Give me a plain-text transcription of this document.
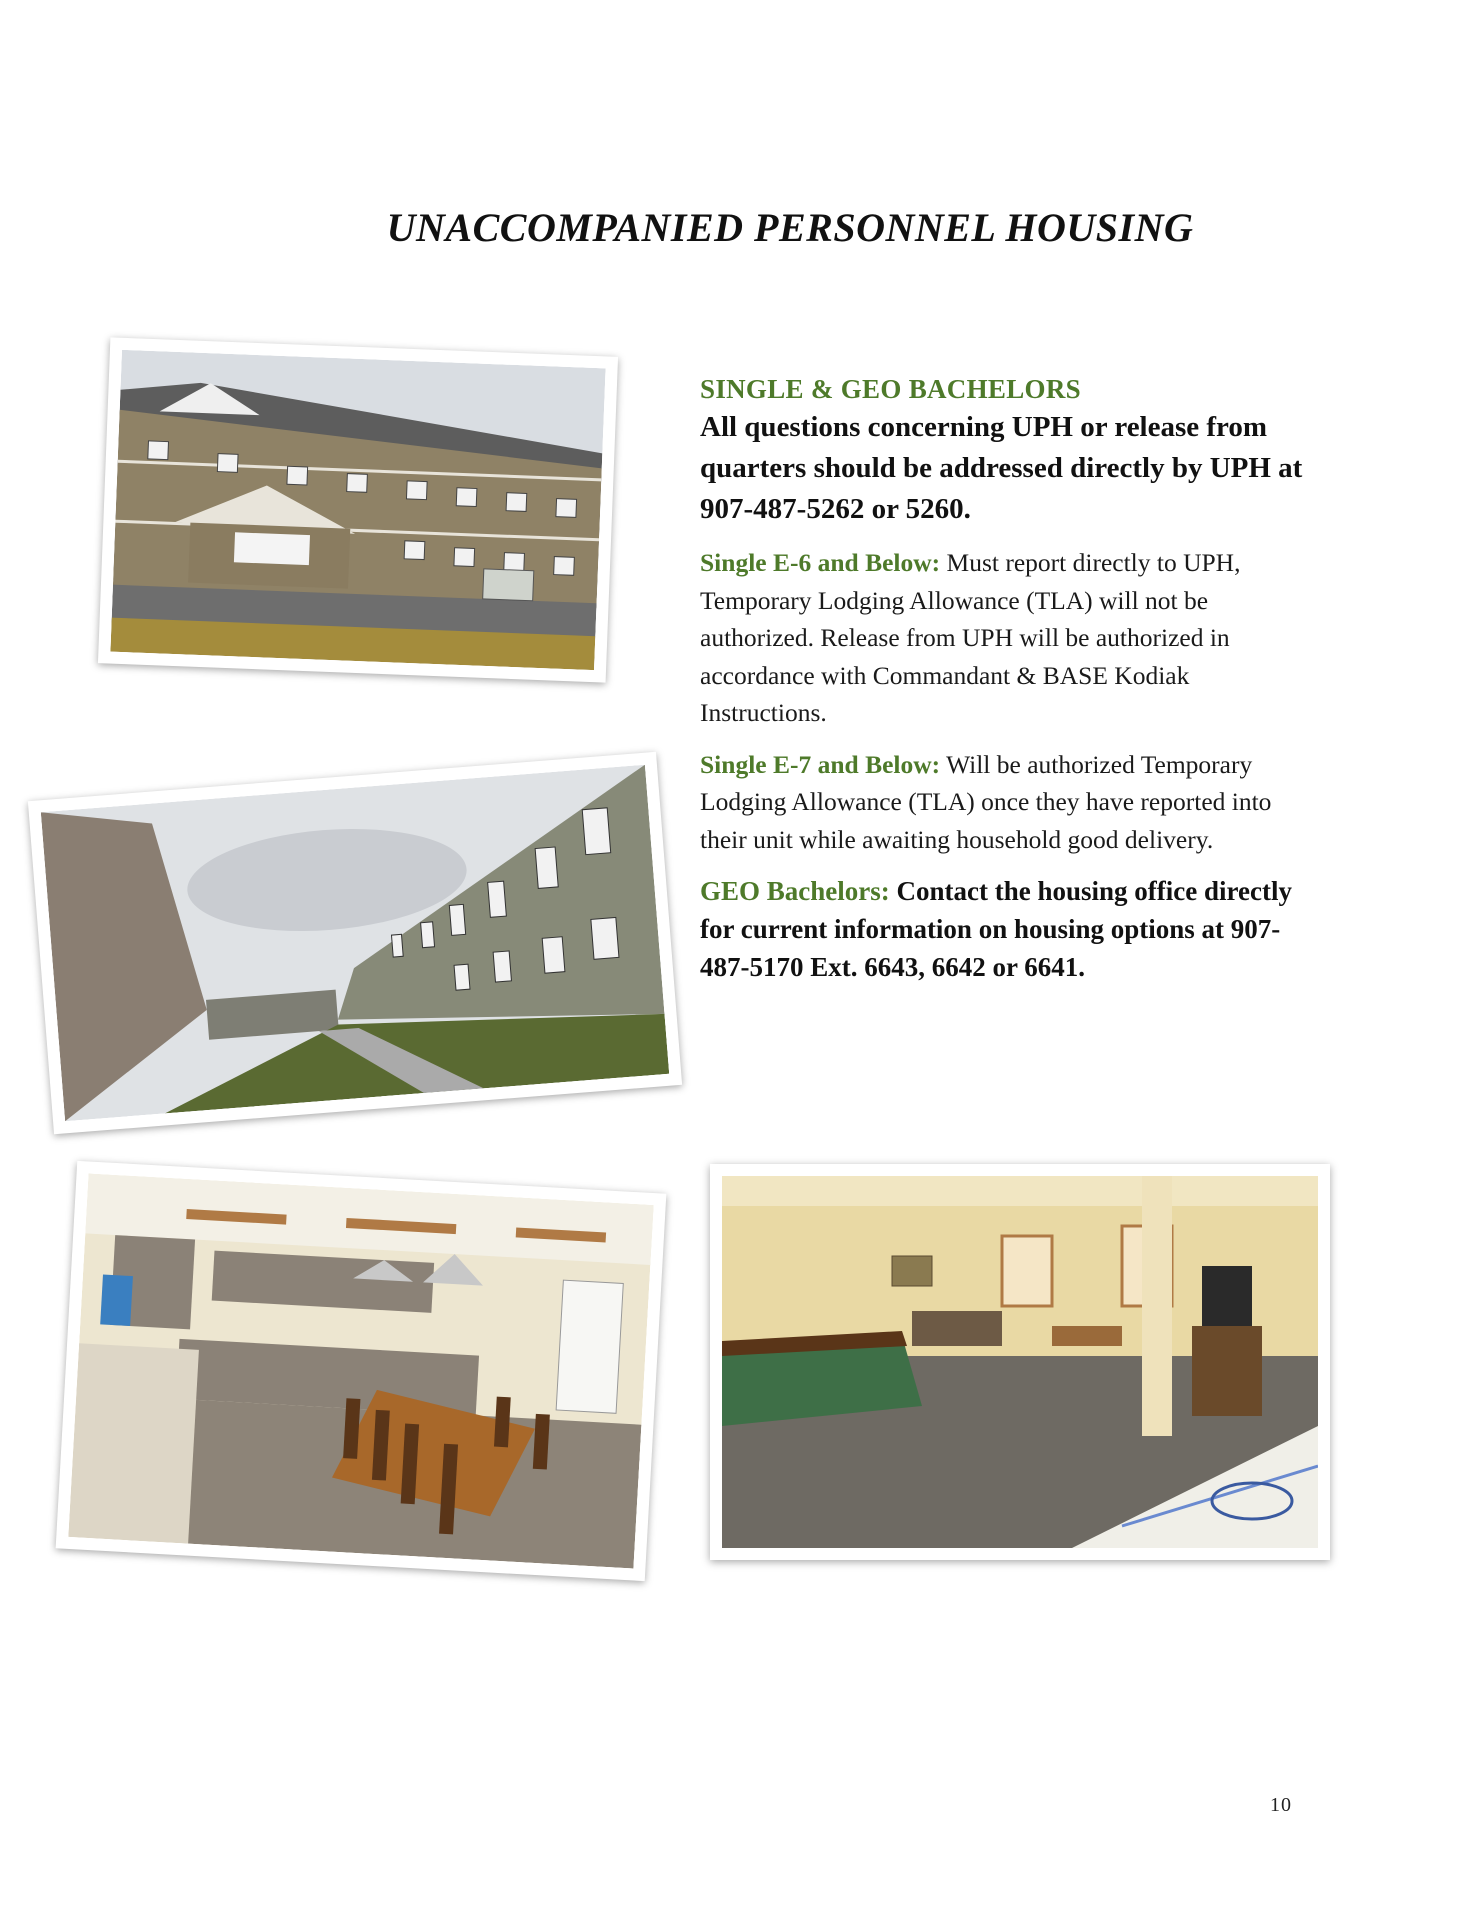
UNACCOMPANIED PERSONNEL HOUSING

SINGLE & GEO BACHELORS

All questions concerning UPH or release from quarters should be addressed directly by UPH at 907-487-5262 or 5260.

Single E-6 and Below: Must report directly to UPH, Temporary Lodging Allowance (TLA) will not be authorized. Release from UPH will be authorized in accordance with Commandant & BASE Kodiak Instructions.

Single E-7 and Below: Will be authorized Temporary Lodging Allowance (TLA) once they have reported into their unit while awaiting household good delivery.

GEO Bachelors: Contact the housing office directly for current information on housing options at 907-487-5170 Ext. 6643, 6642 or 6641.

10
